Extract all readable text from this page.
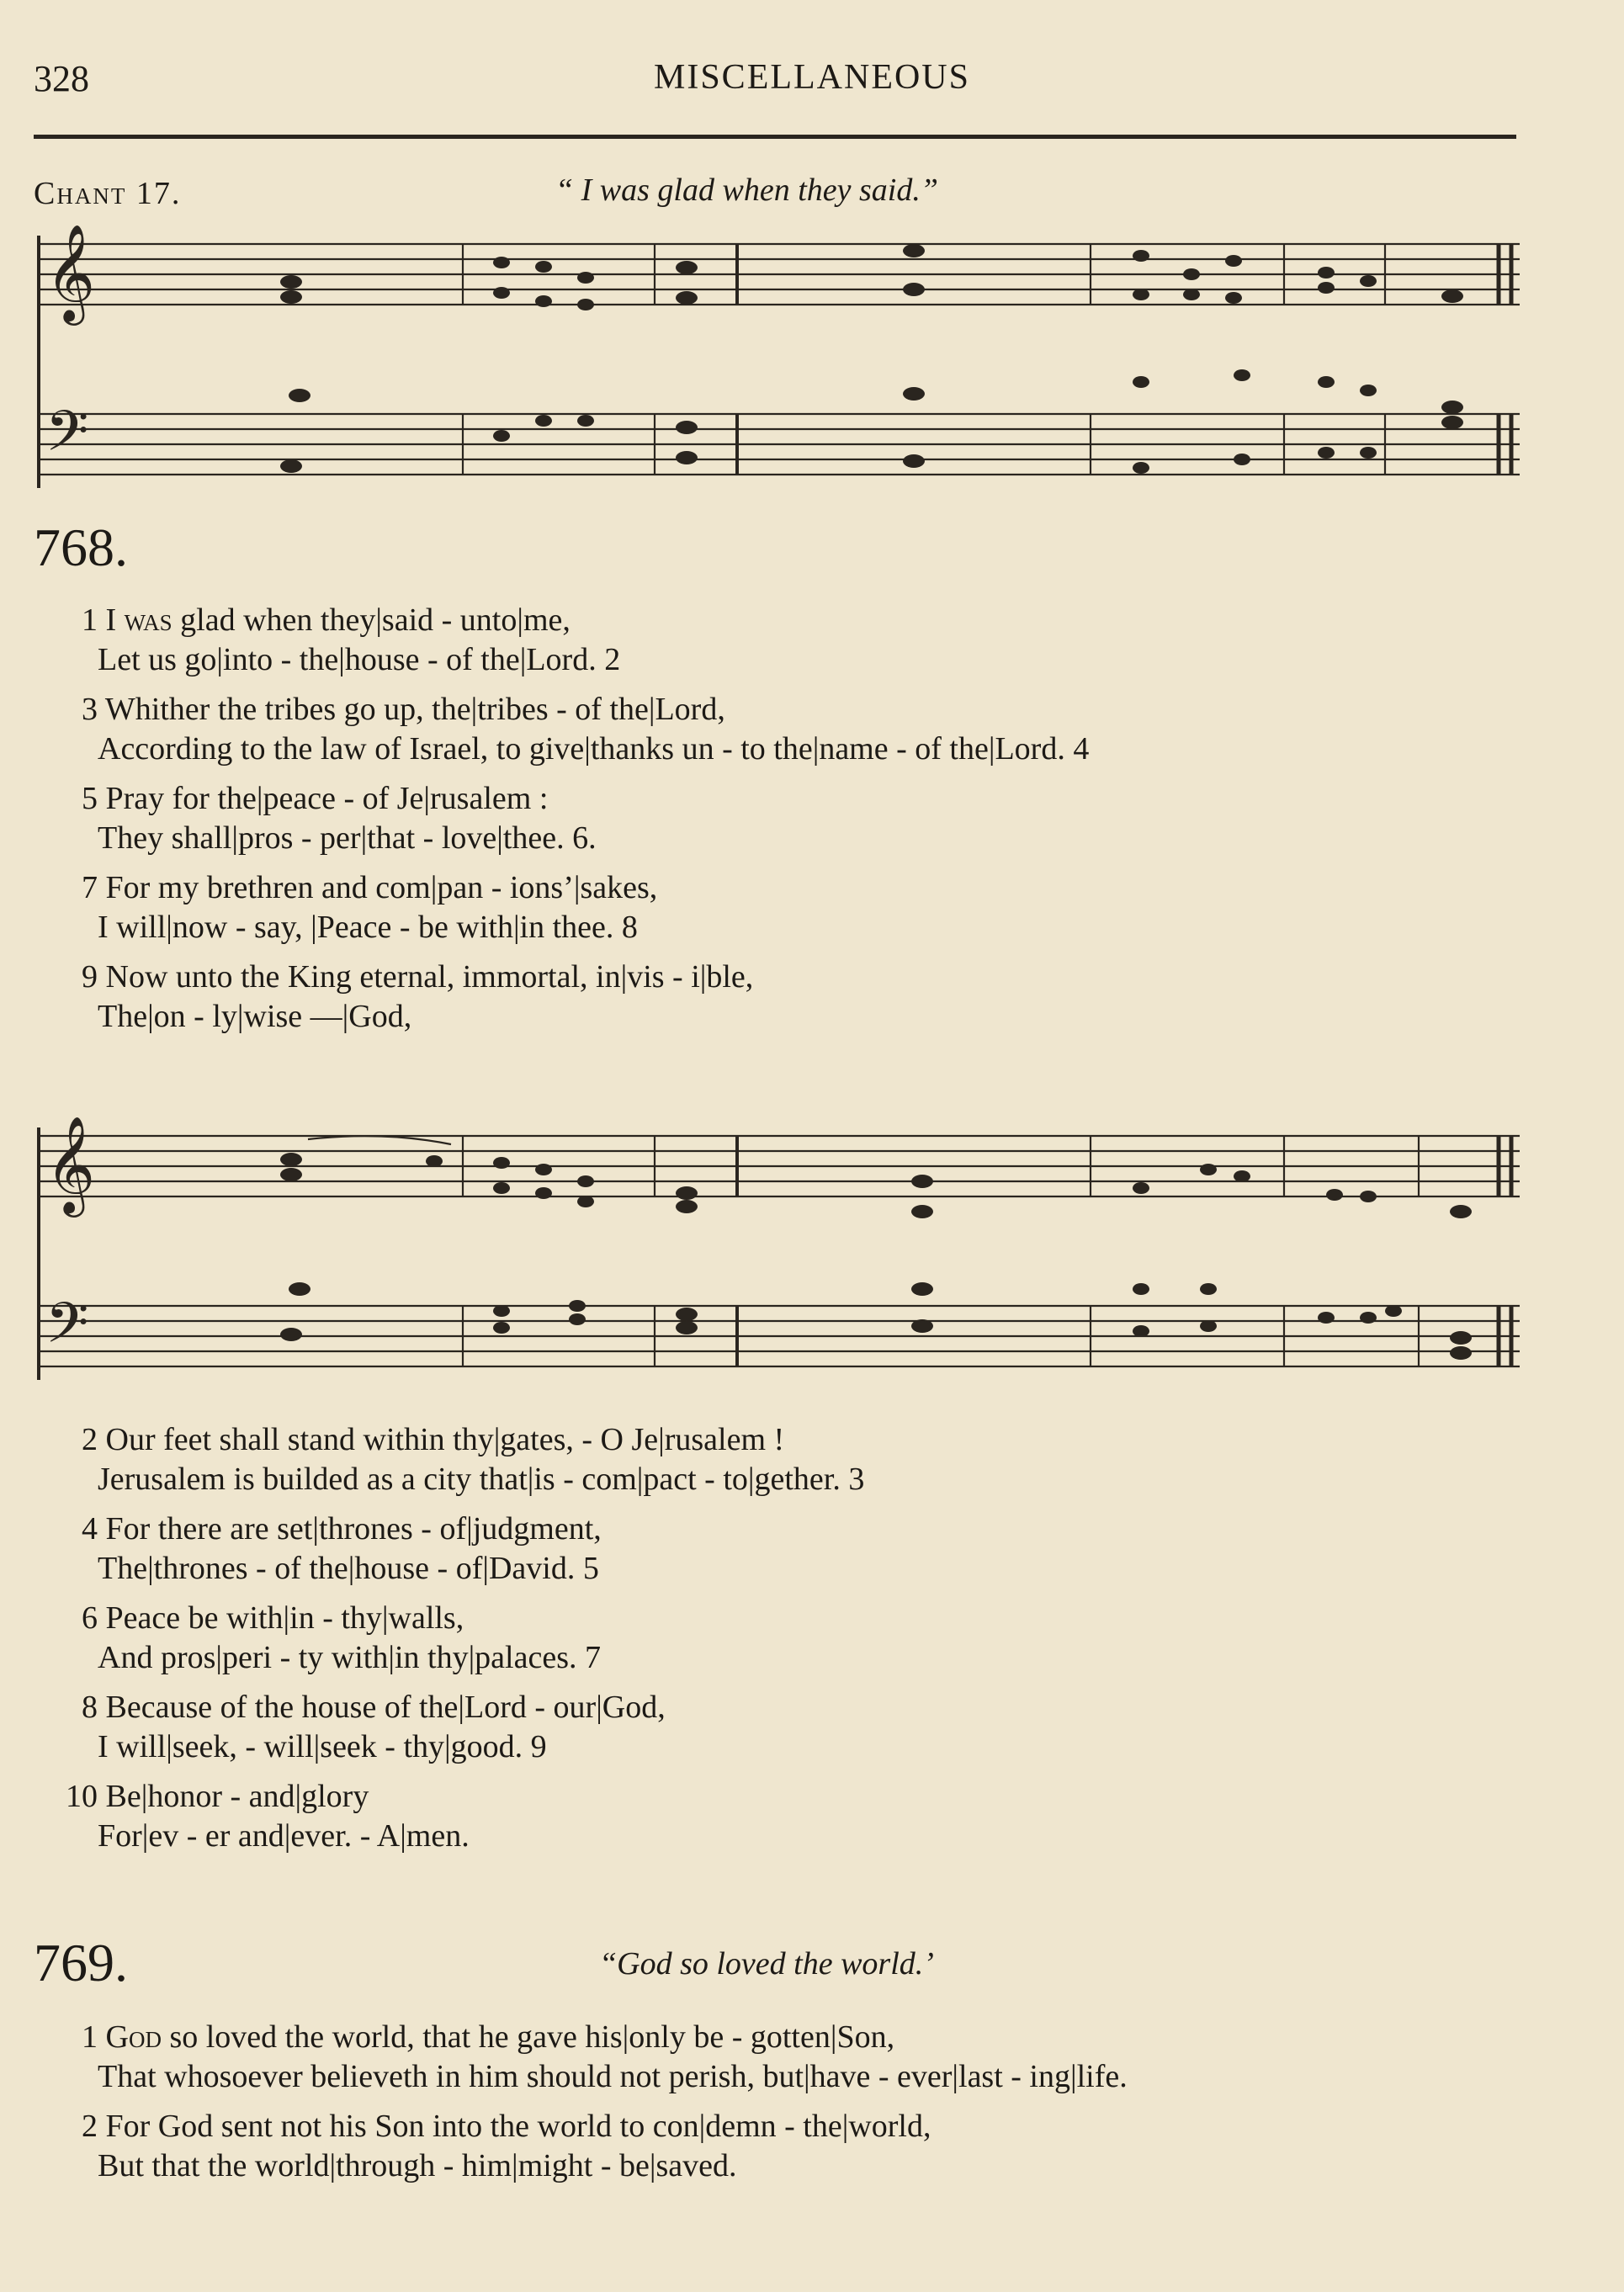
328	MISCELLANEOUS
Chant 17.	“ I was glad when they said.”
𝄞
𝄢
768.
1 I was glad when they|said - unto|me,
Let us go|into - the|house - of the|Lord. 2
3 Whither the tribes go up, the|tribes - of the|Lord,
According to the law of Israel, to give|thanks un - to the|name - of the|Lord. 4
5 Pray for the|peace - of Je|rusalem :
They shall|pros - per|that - love|thee. 6.
7 For my brethren and com|pan - ions’|sakes,
I will|now - say, |Peace - be with|in thee. 8
9 Now unto the King eternal, immortal, in|vis - i|ble,
The|on - ly|wise —|God,
𝄞
𝄢
2 Our feet shall stand within thy|gates, - O Je|rusalem !
Jerusalem is builded as a city that|is - com|pact - to|gether. 3
4 For there are set|thrones - of|judgment,
The|thrones - of the|house - of|David. 5
6 Peace be with|in - thy|walls,
And pros|peri - ty with|in thy|palaces. 7
8 Because of the house of the|Lord - our|God,
I will|seek, - will|seek - thy|good. 9
10 Be|honor - and|glory
For|ev - er and|ever. - A|men.
769.	“God so loved the world.’
1 God so loved the world, that he gave his|only be - gotten|Son,
That whosoever believeth in him should not perish, but|have - ever|last - ing|life.
2 For God sent not his Son into the world to con|demn - the|world,
But that the world|through - him|might - be|saved.
